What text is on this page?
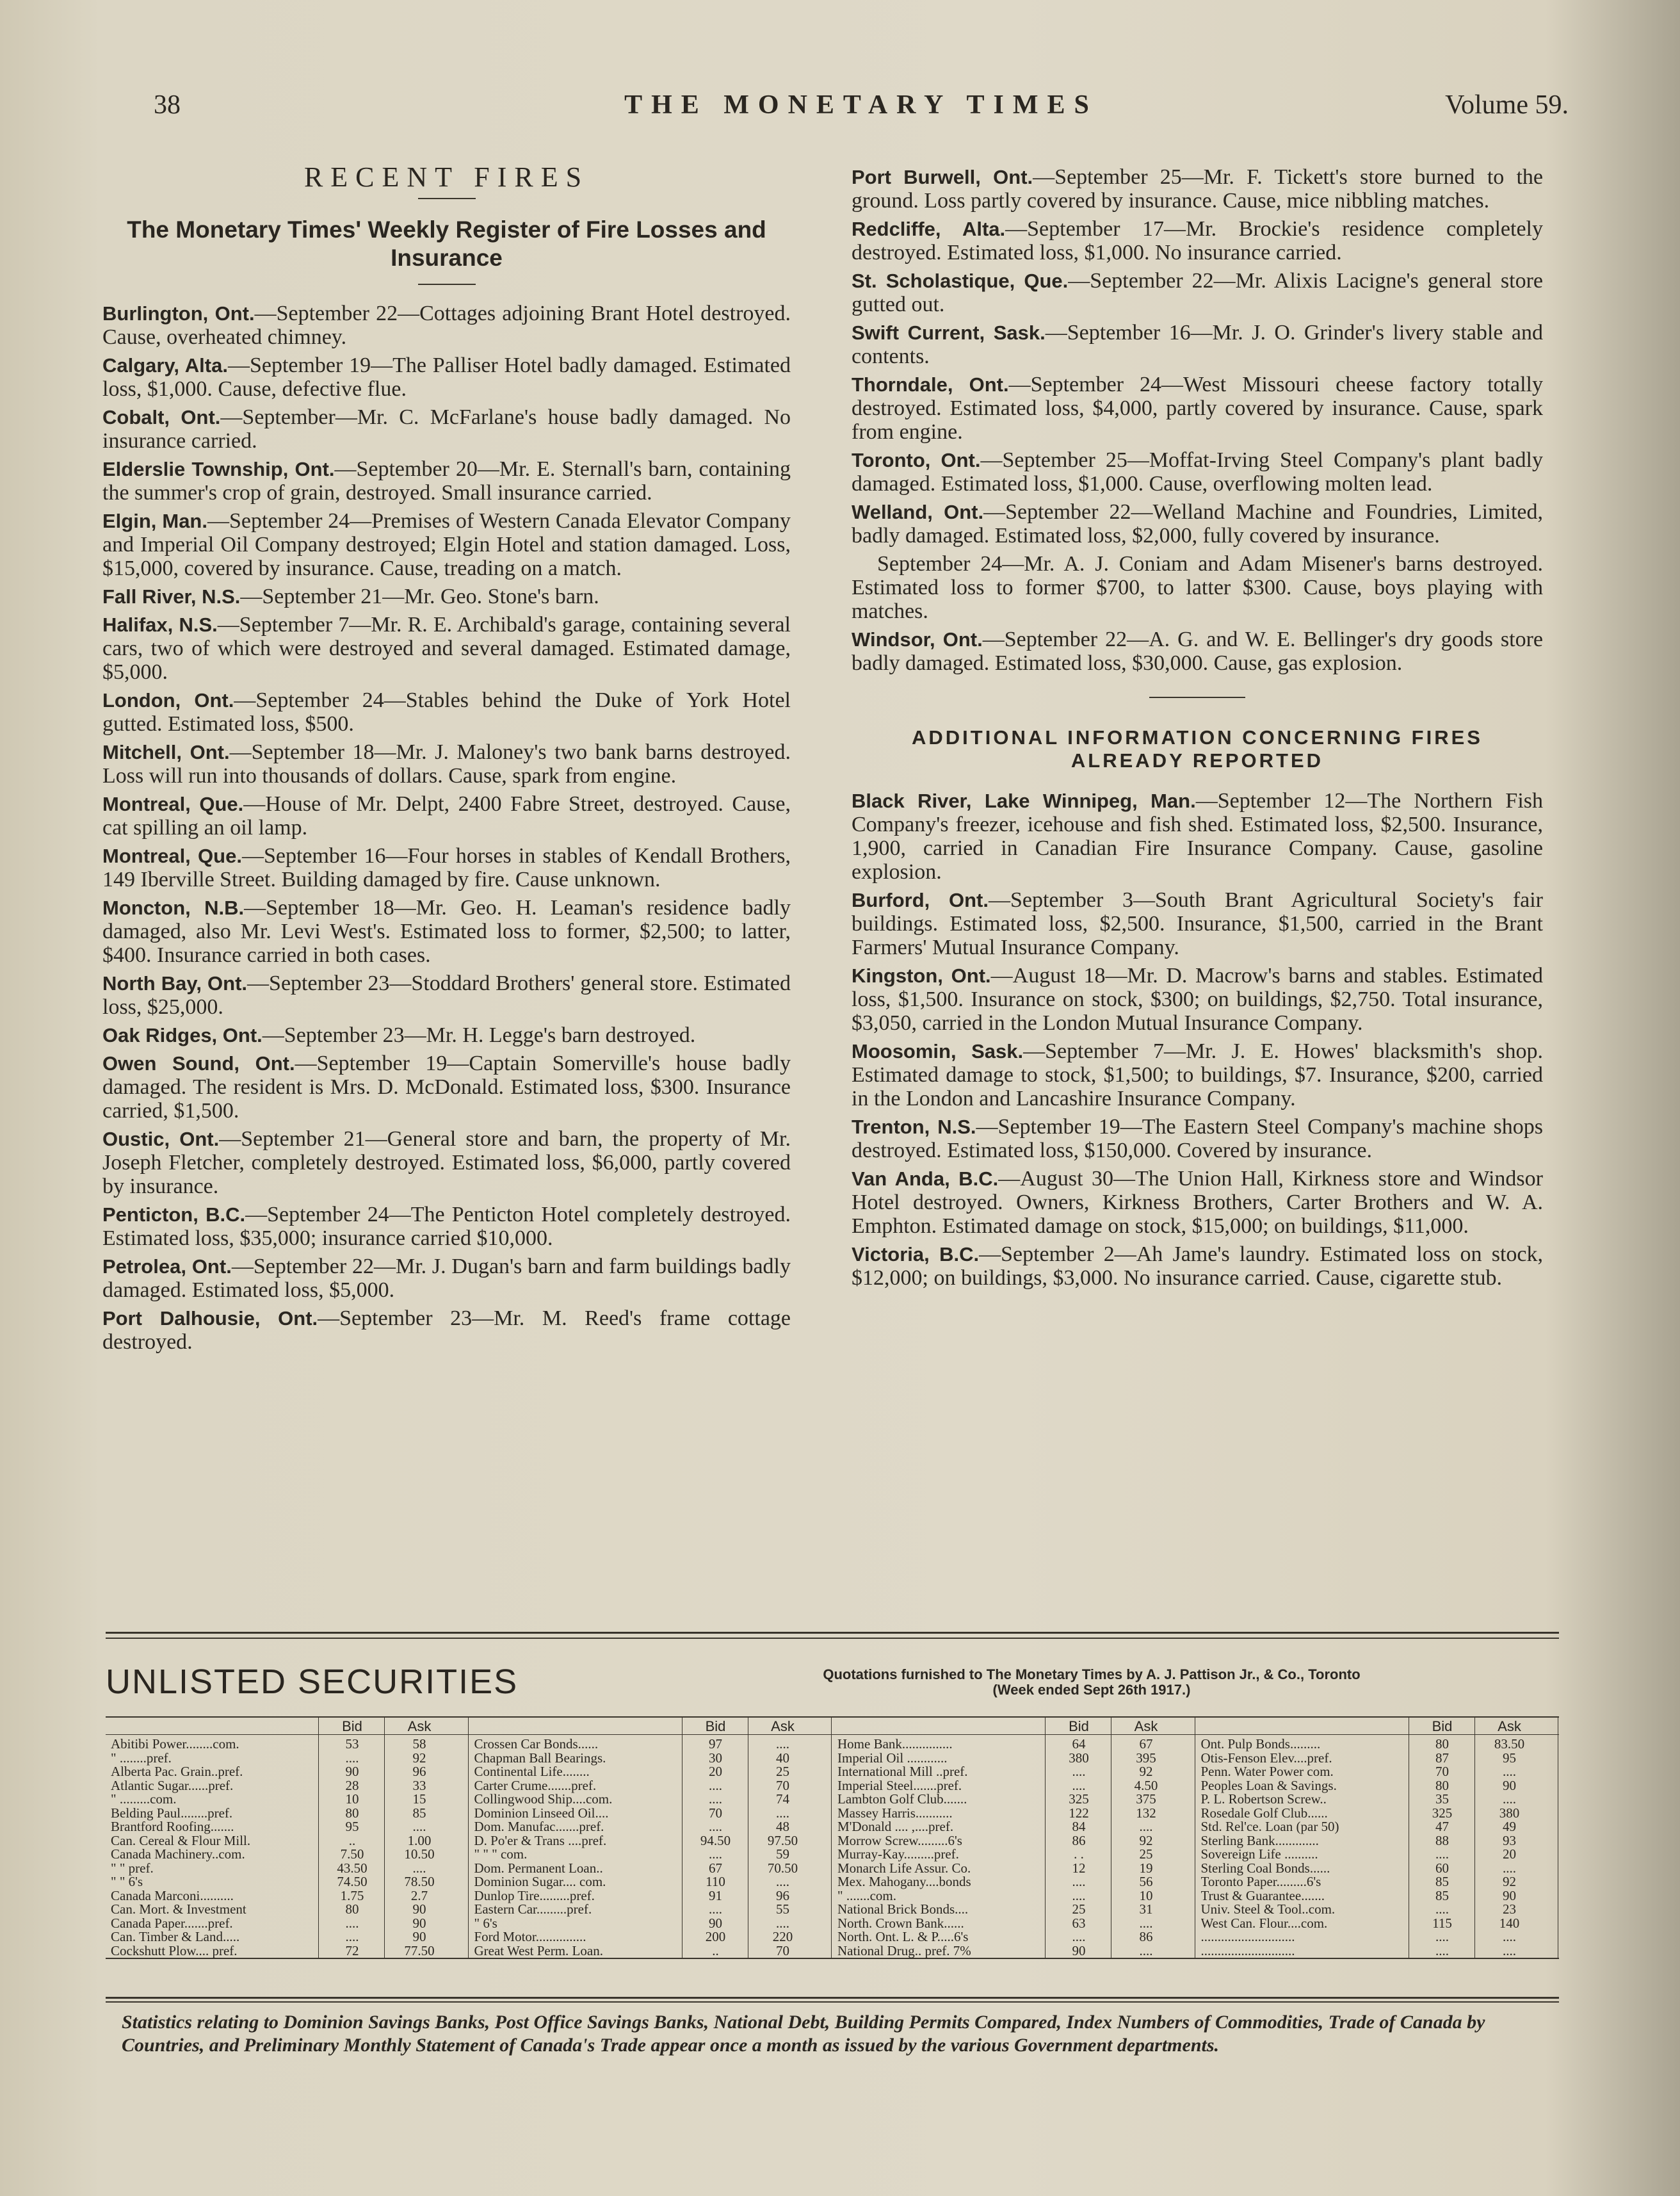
38	THE MONETARY TIMES	Volume 59.
RECENT FIRES
The Monetary Times' Weekly Register of Fire Losses and Insurance
Burlington, Ont.—September 22—Cottages adjoining Brant Hotel destroyed. Cause, overheated chimney.
Calgary, Alta.—September 19—The Palliser Hotel badly damaged. Estimated loss, $1,000. Cause, defective flue.
Cobalt, Ont.—September—Mr. C. McFarlane's house badly damaged. No insurance carried.
Elderslie Township, Ont.—September 20—Mr. E. Sternall's barn, containing the summer's crop of grain, destroyed. Small insurance carried.
Elgin, Man.—September 24—Premises of Western Canada Elevator Company and Imperial Oil Company destroyed; Elgin Hotel and station damaged. Loss, $15,000, covered by insurance. Cause, treading on a match.
Fall River, N.S.—September 21—Mr. Geo. Stone's barn.
Halifax, N.S.—September 7—Mr. R. E. Archibald's garage, containing several cars, two of which were destroyed and several damaged. Estimated damage, $5,000.
London, Ont.—September 24—Stables behind the Duke of York Hotel gutted. Estimated loss, $500.
Mitchell, Ont.—September 18—Mr. J. Maloney's two bank barns destroyed. Loss will run into thousands of dollars. Cause, spark from engine.
Montreal, Que.—House of Mr. Delpt, 2400 Fabre Street, destroyed. Cause, cat spilling an oil lamp.
Montreal, Que.—September 16—Four horses in stables of Kendall Brothers, 149 Iberville Street. Building damaged by fire. Cause unknown.
Moncton, N.B.—September 18—Mr. Geo. H. Leaman's residence badly damaged, also Mr. Levi West's. Estimated loss to former, $2,500; to latter, $400. Insurance carried in both cases.
North Bay, Ont.—September 23—Stoddard Brothers' general store. Estimated loss, $25,000.
Oak Ridges, Ont.—September 23—Mr. H. Legge's barn destroyed.
Owen Sound, Ont.—September 19—Captain Somerville's house badly damaged. The resident is Mrs. D. McDonald. Estimated loss, $300. Insurance carried, $1,500.
Oustic, Ont.—September 21—General store and barn, the property of Mr. Joseph Fletcher, completely destroyed. Estimated loss, $6,000, partly covered by insurance.
Penticton, B.C.—September 24—The Penticton Hotel completely destroyed. Estimated loss, $35,000; insurance carried $10,000.
Petrolea, Ont.—September 22—Mr. J. Dugan's barn and farm buildings badly damaged. Estimated loss, $5,000.
Port Dalhousie, Ont.—September 23—Mr. M. Reed's frame cottage destroyed.
Port Burwell, Ont.—September 25—Mr. F. Tickett's store burned to the ground. Loss partly covered by insurance. Cause, mice nibbling matches.
Redcliffe, Alta.—September 17—Mr. Brockie's residence completely destroyed. Estimated loss, $1,000. No insurance carried.
St. Scholastique, Que.—September 22—Mr. Alixis Lacigne's general store gutted out.
Swift Current, Sask.—September 16—Mr. J. O. Grinder's livery stable and contents.
Thorndale, Ont.—September 24—West Missouri cheese factory totally destroyed. Estimated loss, $4,000, partly covered by insurance. Cause, spark from engine.
Toronto, Ont.—September 25—Moffat-Irving Steel Company's plant badly damaged. Estimated loss, $1,000. Cause, overflowing molten lead.
Welland, Ont.—September 22—Welland Machine and Foundries, Limited, badly damaged. Estimated loss, $2,000, fully covered by insurance.
September 24—Mr. A. J. Coniam and Adam Misener's barns destroyed. Estimated loss to former $700, to latter $300. Cause, boys playing with matches.
Windsor, Ont.—September 22—A. G. and W. E. Bellinger's dry goods store badly damaged. Estimated loss, $30,000. Cause, gas explosion.
ADDITIONAL INFORMATION CONCERNING FIRES ALREADY REPORTED
Black River, Lake Winnipeg, Man.—September 12—The Northern Fish Company's freezer, icehouse and fish shed. Estimated loss, $2,500. Insurance, 1,900, carried in Canadian Fire Insurance Company. Cause, gasoline explosion.
Burford, Ont.—September 3—South Brant Agricultural Society's fair buildings. Estimated loss, $2,500. Insurance, $1,500, carried in the Brant Farmers' Mutual Insurance Company.
Kingston, Ont.—August 18—Mr. D. Macrow's barns and stables. Estimated loss, $1,500. Insurance on stock, $300; on buildings, $2,750. Total insurance, $3,050, carried in the London Mutual Insurance Company.
Moosomin, Sask.—September 7—Mr. J. E. Howes' blacksmith's shop. Estimated damage to stock, $1,500; to buildings, $7. Insurance, $200, carried in the London and Lancashire Insurance Company.
Trenton, N.S.—September 19—The Eastern Steel Company's machine shops destroyed. Estimated loss, $150,000. Covered by insurance.
Van Anda, B.C.—August 30—The Union Hall, Kirkness store and Windsor Hotel destroyed. Owners, Kirkness Brothers, Carter Brothers and W. A. Emphton. Estimated damage on stock, $15,000; on buildings, $11,000.
Victoria, B.C.—September 2—Ah Jame's laundry. Estimated loss on stock, $12,000; on buildings, $3,000. No insurance carried. Cause, cigarette stub.
UNLISTED SECURITIES	Quotations furnished to The Monetary Times by A. J. Pattison Jr., & Co., Toronto
(Week ended Sept 26th 1917.)
Bid	Ask
Abitibi Power........com.	53	58
" ........pref.	....	92
Alberta Pac. Grain..pref.	90	96
Atlantic Sugar......pref.	28	33
" .........com.	10	15
Belding Paul........pref.	80	85
Brantford Roofing.......	95	....
Can. Cereal & Flour Mill.	..	1.00
Canada Machinery..com.	7.50	10.50
" " pref.	43.50	....
" " 6's	74.50	78.50
Canada Marconi..........	1.75	2.7
Can. Mort. & Investment	80	90
Canada Paper.......pref.	....	90
Can. Timber & Land.....	....	90
Cockshutt Plow.... pref.	72	77.50
Bid	Ask
Crossen Car Bonds......	97	....
Chapman Ball Bearings.	30	40
Continental Life........	20	25
Carter Crume.......pref.	....	70
Collingwood Ship....com.	....	74
Dominion Linseed Oil....	70	....
Dom. Manufac.......pref.	....	48
D. Po'er & Trans ....pref.	94.50	97.50
" " " com.	....	59
Dom. Permanent Loan..	67	70.50
Dominion Sugar.... com.	110	....
Dunlop Tire.........pref.	91	96
Eastern Car.........pref.	....	55
" 6's	90	....
Ford Motor...............	200	220
Great West Perm. Loan.	..	70
Bid	Ask
Home Bank...............	64	67
Imperial Oil ............	380	395
International Mill ..pref.	....	92
Imperial Steel.......pref.	....	4.50
Lambton Golf Club.......	325	375
Massey Harris...........	122	132
M'Donald .... ,....pref.	84	....
Morrow Screw.........6's	86	92
Murray-Kay.........pref.	. .	25
Monarch Life Assur. Co.	12	19
Mex. Mahogany....bonds	....	56
" .......com.	....	10
National Brick Bonds....	25	31
North. Crown Bank......	63	....
North. Ont. L. & P.....6's	....	86
National Drug.. pref. 7%	90	....
Bid	Ask
Ont. Pulp Bonds.........	80	83.50
Otis-Fenson Elev....pref.	87	95
Penn. Water Power com.	70	....
Peoples Loan & Savings.	80	90
P. L. Robertson Screw..	35	....
Rosedale Golf Club......	325	380
Std. Rel'ce. Loan (par 50)	47	49
Sterling Bank.............	88	93
Sovereign Life ..........	....	20
Sterling Coal Bonds......	60	....
Toronto Paper.........6's	85	92
Trust & Guarantee.......	85	90
Univ. Steel & Tool..com.	....	23
West Can. Flour....com.	115	140
............................	....	....
............................	....	....
Statistics relating to Dominion Savings Banks, Post Office Savings Banks, National Debt, Building Permits Compared, Index Numbers of Commodities, Trade of Canada by Countries, and Preliminary Monthly Statement of Canada's Trade appear once a month as issued by the various Government departments.
